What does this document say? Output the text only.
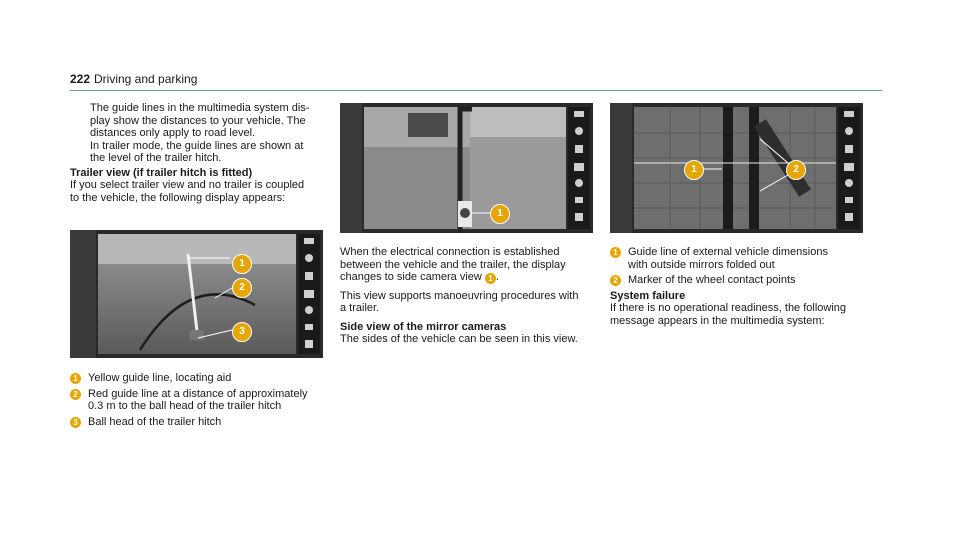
222 Driving and parking

The guide lines in the multimedia system dis-
play show the distances to your vehicle. The
distances only apply to road level.
In trailer mode, the guide lines are shown at
the level of the trailer hitch.

Trailer view (if trailer hitch is fitted)

If you select trailer view and no trailer is coupled
to the vehicle, the following display appears:

1
2
3
1 Yellow guide line, locating aid

2 Red guide line at a distance of approximately
0.3 m to the ball head of the trailer hitch

3 Ball head of the trailer hitch

1

When the electrical connection is established
between the vehicle and the trailer, the display
changes to side camera view 1 .

This view supports manoeuvring procedures with
a trailer.

Side view of the mirror cameras

The sides of the vehicle can be seen in this view.

1	2
1 Guide line of external vehicle dimensions
with outside mirrors folded out

2 Marker of the wheel contact points

System failure

If there is no operational readiness, the following
message appears in the multimedia system:
